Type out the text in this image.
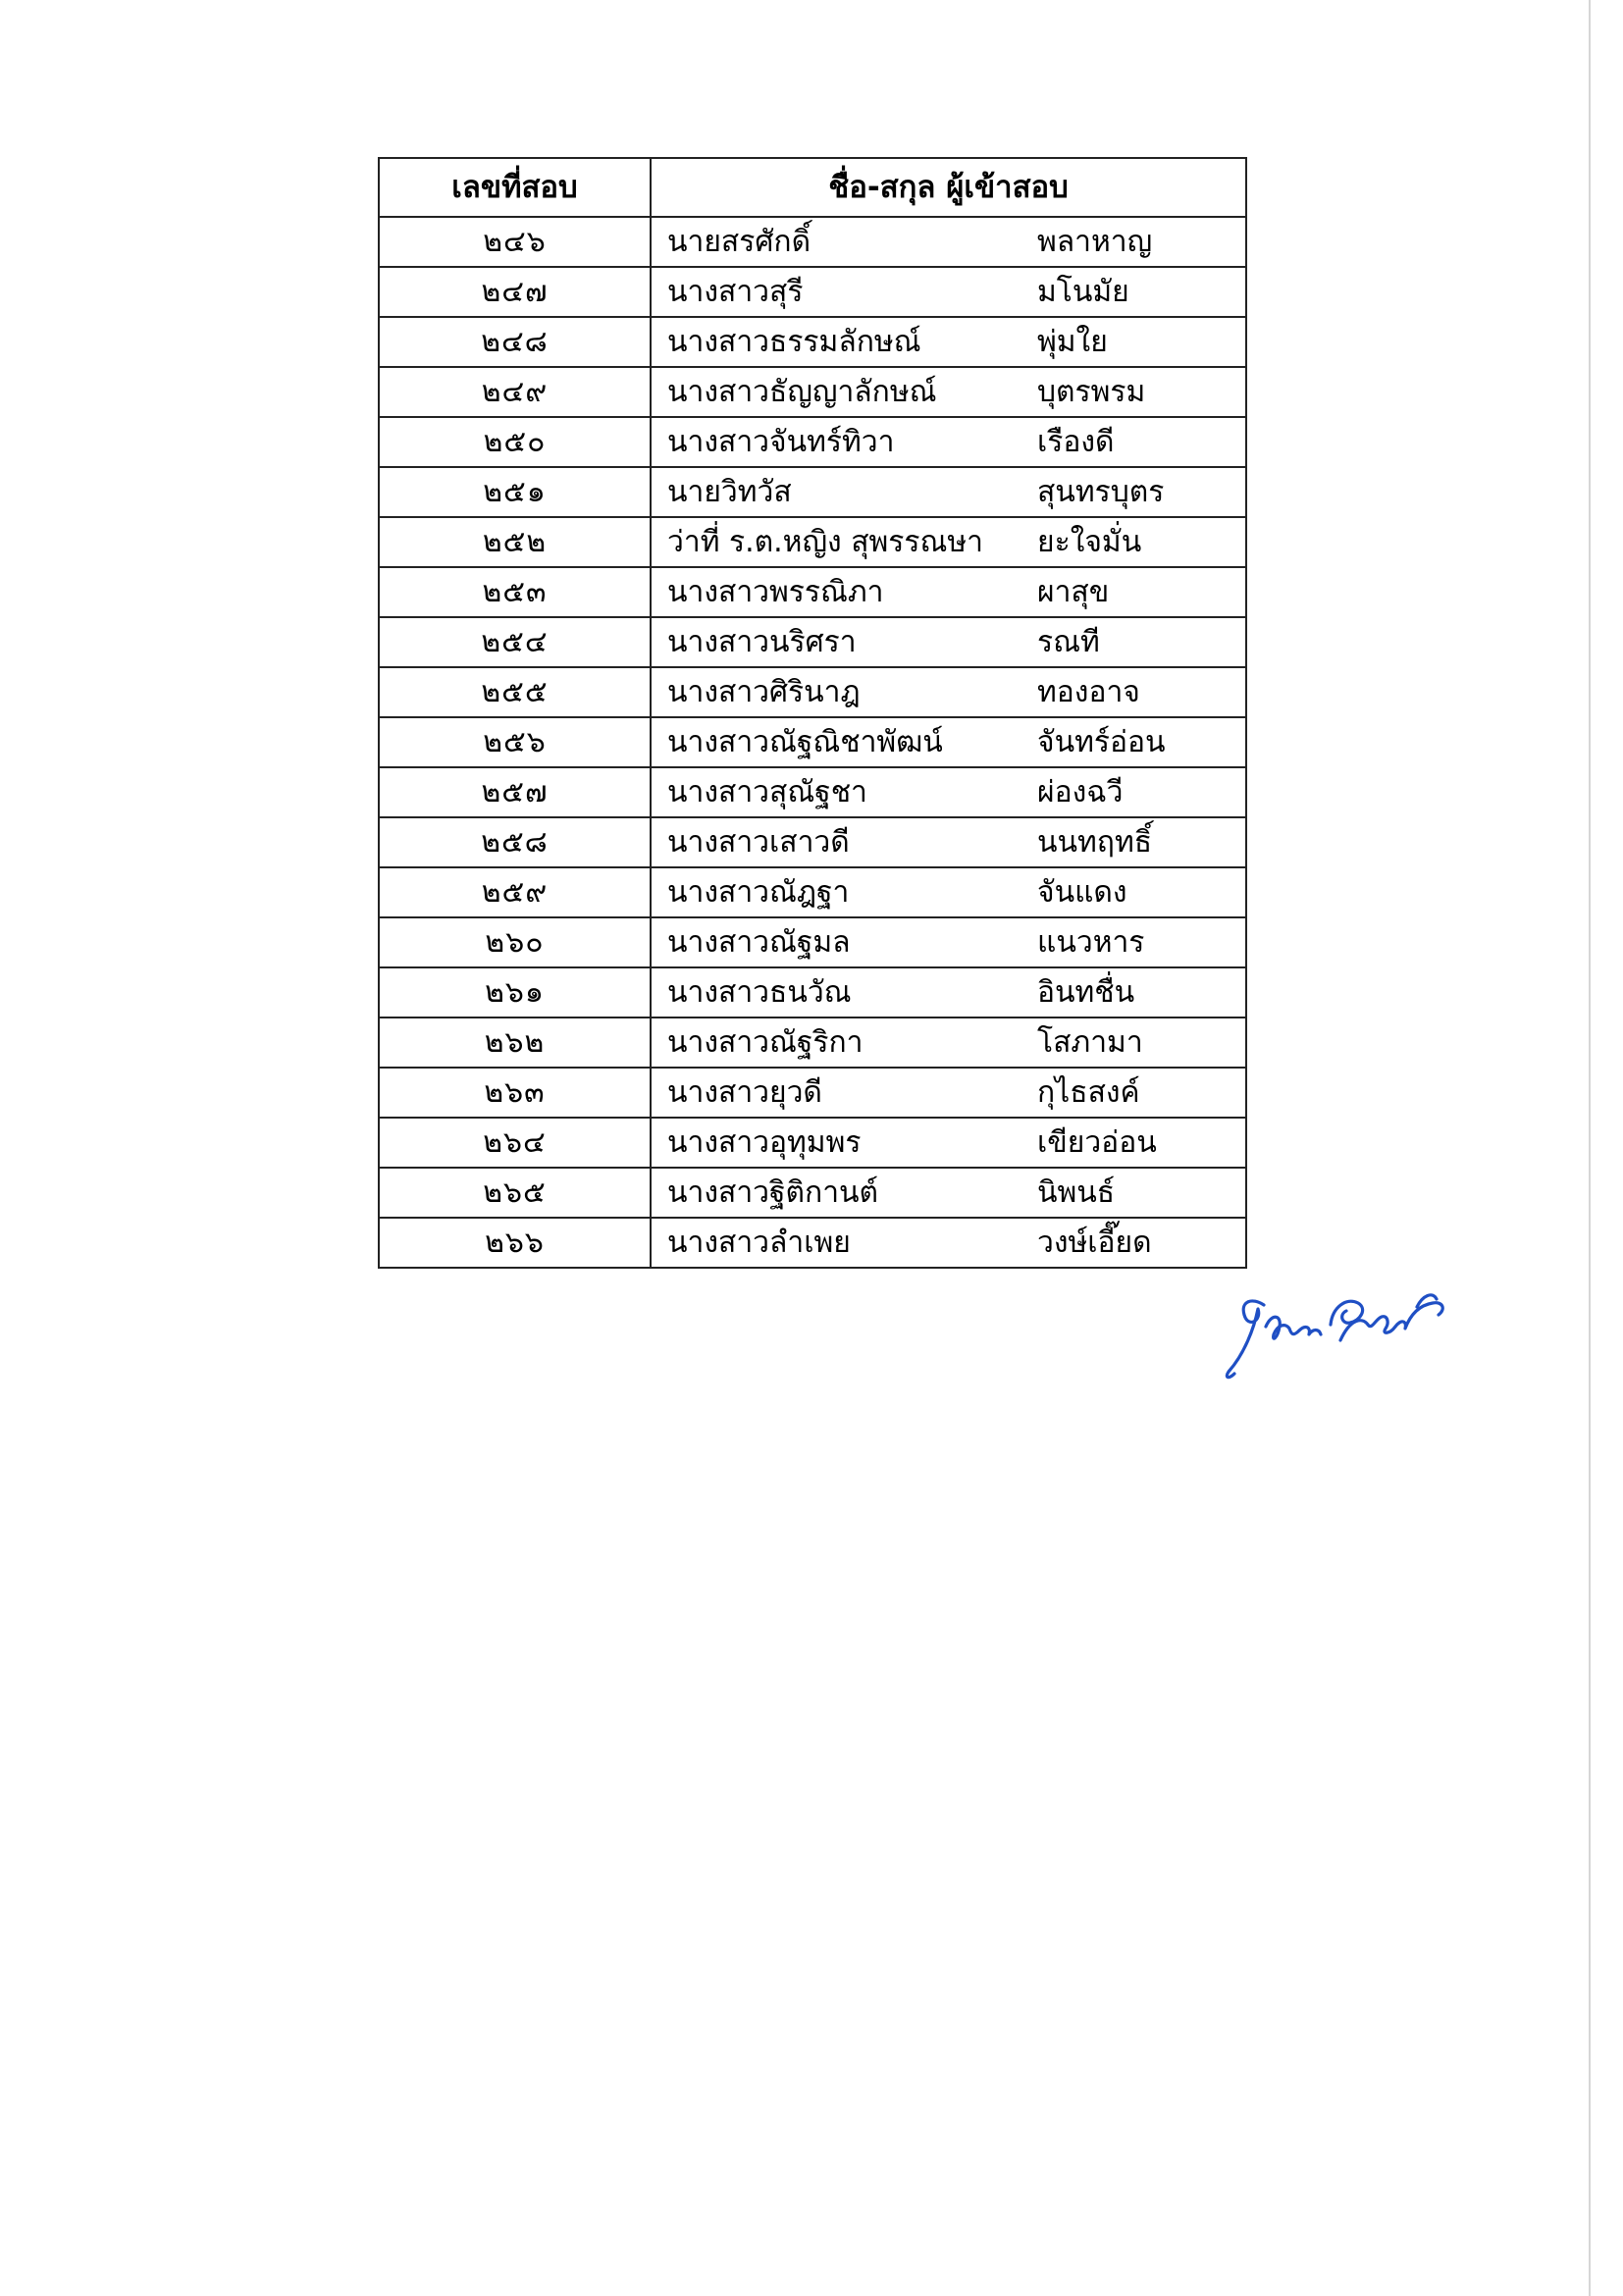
เลขที่สอบ	ชื่อ-สกุล ผู้เข้าสอบ
๒๔๖	นายสรศักดิ์ พลาหาญ

๒๔๗	นางสาวสุรี มโนมัย

๒๔๘	นางสาวธรรมลักษณ์ พุ่มใย

๒๔๙	นางสาวธัญญาลักษณ์ บุตรพรม

๒๕๐	นางสาวจันทร์ทิวา เรืองดี

๒๕๑	นายวิทวัส สุนทรบุตร

๒๕๒	ว่าที่ ร.ต.หญิง สุพรรณษา ยะใจมั่น

๒๕๓	นางสาวพรรณิภา ผาสุข

๒๕๔	นางสาวนริศรา รณที

๒๕๕	นางสาวศิรินาฎ ทองอาจ

๒๕๖	นางสาวณัฐณิชาพัฒน์ จันทร์อ่อน

๒๕๗	นางสาวสุณัฐชา ผ่องฉวี

๒๕๘	นางสาวเสาวดี นนทฤทธิ์

๒๕๙	นางสาวณัฎฐา จันแดง

๒๖๐	นางสาวณัฐมล แนวหาร

๒๖๑	นางสาวธนวัณ อินทชื่น

๒๖๒	นางสาวณัฐริกา โสภามา

๒๖๓	นางสาวยุวดี กุไธสงค์

๒๖๔	นางสาวอุทุมพร เขียวอ่อน

๒๖๕	นางสาวฐิติกานต์ นิพนธ์

๒๖๖	นางสาวลำเพย วงษ์เอี๊ยด
